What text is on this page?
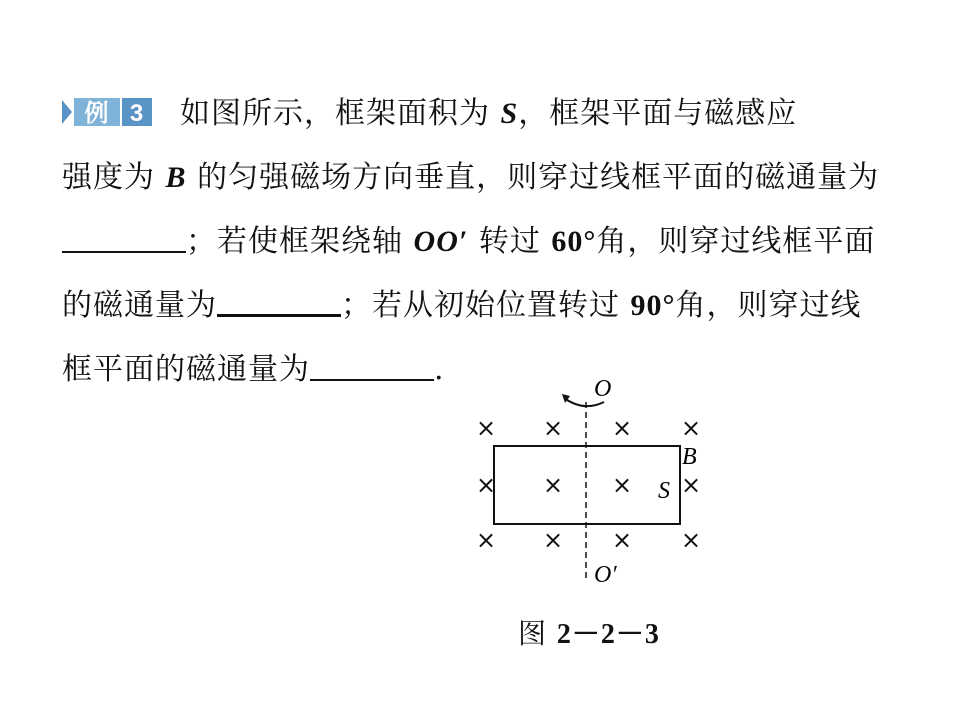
例 3 如图所示，框架面积为 S，框架平面与磁感应
强度为 B 的匀强磁场方向垂直，则穿过线框平面的磁通量为
；若使框架绕轴 OO′ 转过 60°角，则穿过线框平面
的磁通量为	；若从初始位置转过 90°角，则穿过线
框平面的磁通量为	.
O
× × × ×
× × × ×
× × × ×
B
S
O′
图 2－2－3
